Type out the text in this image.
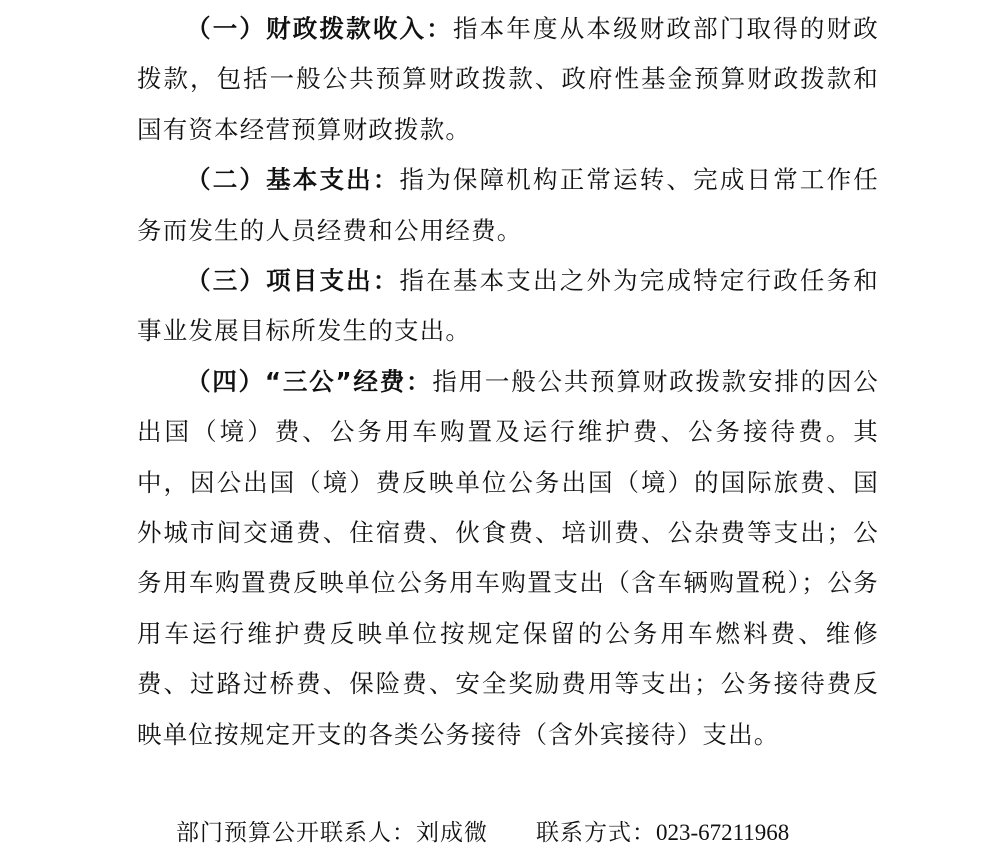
（一）财政拨款收入：指本年度从本级财政部门取得的财政拨款，包括一般公共预算财政拨款、政府性基金预算财政拨款和国有资本经营预算财政拨款。

（二）基本支出：指为保障机构正常运转、完成日常工作任务而发生的人员经费和公用经费。

（三）项目支出：指在基本支出之外为完成特定行政任务和事业发展目标所发生的支出。

（四）“三公”经费：指用一般公共预算财政拨款安排的因公出国（境）费、公务用车购置及运行维护费、公务接待费。其中，因公出国（境）费反映单位公务出国（境）的国际旅费、国外城市间交通费、住宿费、伙食费、培训费、公杂费等支出；公务用车购置费反映单位公务用车购置支出（含车辆购置税）；公务用车运行维护费反映单位按规定保留的公务用车燃料费、维修费、过路过桥费、保险费、安全奖励费用等支出；公务接待费反映单位按规定开支的各类公务接待（含外宾接待）支出。

部门预算公开联系人：刘成微 联系方式：023-67211968
